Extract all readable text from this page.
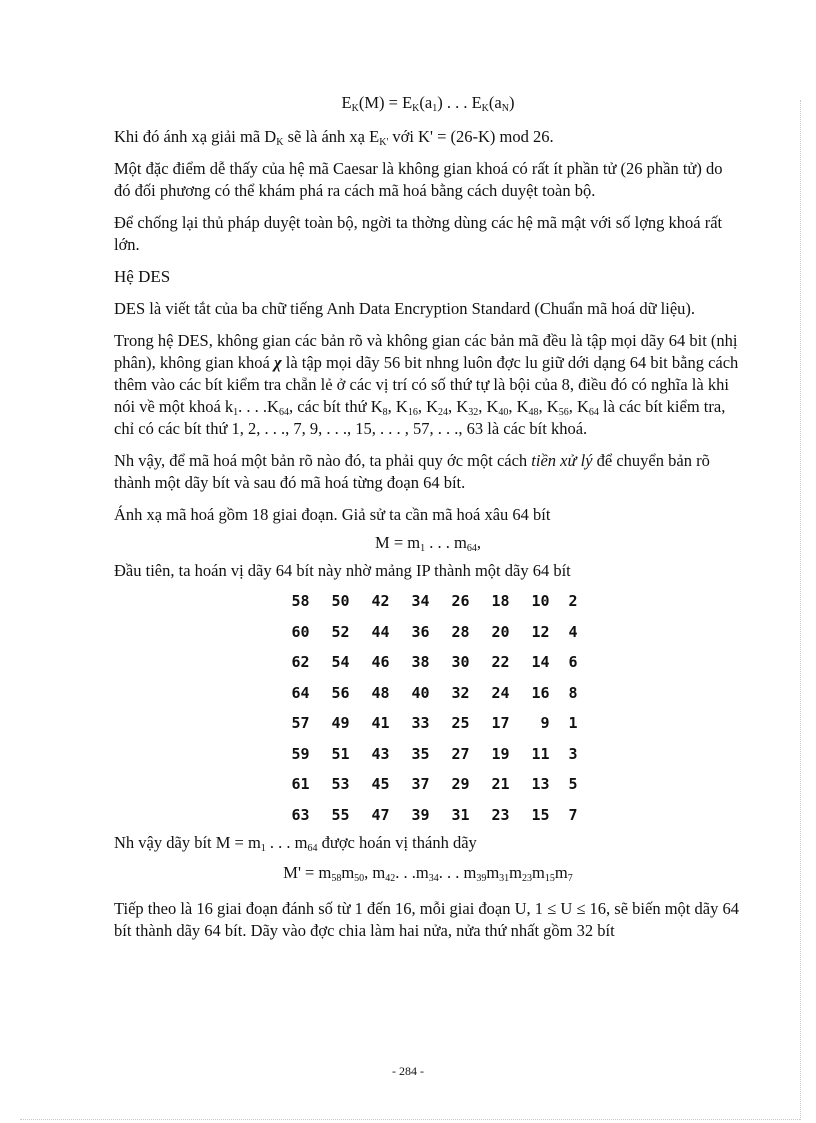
$E_K(M) = E_K(a_1)$ . . . $E_K(a_N)$

Khi đó ánh xạ giải mã $D_K$ sẽ là ánh xạ $E_{K'}$ với K' = (26-K) mod 26.

Một đặc điểm dễ thấy của hệ mã Caesar là không gian khoá có rất ít phần tử (26 phần tử) do đó đối phương có thể khám phá ra cách mã hoá bằng cách duyệt toàn bộ.

Để chống lại thủ pháp duyệt toàn bộ, ngời ta thờng dùng các hệ mã mật với số lợng khoá rất lớn.

Hệ DES

DES là viết tắt của ba chữ tiếng Anh Data Encryption Standard (Chuẩn mã hoá dữ liệu).

Trong hệ DES, không gian các bản rõ và không gian các bản mã đều là tập mọi dãy 64 bit (nhị phân), không gian khoá χ là tập mọi dãy 56 bit nhng luôn đợc lu giữ dới dạng 64 bit bằng cách thêm vào các bít kiểm tra chẵn lẻ ở các vị trí có số thứ tự là bội của 8, điều đó có nghĩa là khi nói về một khoá $k_1$. . . $.K_{64}$, các bít thứ $K_8$, $K_{16}$, $K_{24}$, $K_{32}$, $K_{40}$, $K_{48}$, $K_{56}$, $K_{64}$ là các bít kiểm tra, chỉ có các bít thứ 1, 2, . . ., 7, 9, . . ., 15, . . . , 57, . . ., 63 là các bít khoá.

Nh vậy, để mã hoá một bản rõ nào đó, ta phải quy ớc một cách tiền xử lý để chuyển bản rõ thành một dãy bít và sau đó mã hoá từng đoạn 64 bít.

Ánh xạ mã hoá gồm 18 giai đoạn. Giả sử ta cần mã hoá xâu 64 bít

$M = m_1$ . . . $m_{64}$,

Đầu tiên, ta hoán vị dãy 64 bít này nhờ mảng IP thành một dãy 64 bít

58	50	42	34	26	18	10	2
60	52	44	36	28	20	12	4
62	54	46	38	30	22	14	6
64	56	48	40	32	24	16	8
57	49	41	33	25	17	9	1
59	51	43	35	27	19	11	3
61	53	45	37	29	21	13	5
63	55	47	39	31	23	15	7

Nh vậy dãy bít $M = m_1$ . . . $m_{64}$ được hoán vị thánh dãy

$M' = m_{58}m_{50}$, $m_{42}$. . $.m_{34}$. . . $m_{39}m_{31}m_{23}m_{15}m_7$

Tiếp theo là 16 giai đoạn đánh số từ 1 đến 16, mỗi giai đoạn U, 1 ≤ U ≤ 16, sẽ biến một dãy 64 bít thành dãy 64 bít. Dãy vào đợc chia làm hai nửa, nửa thứ nhất gồm 32 bít

- 284 -
